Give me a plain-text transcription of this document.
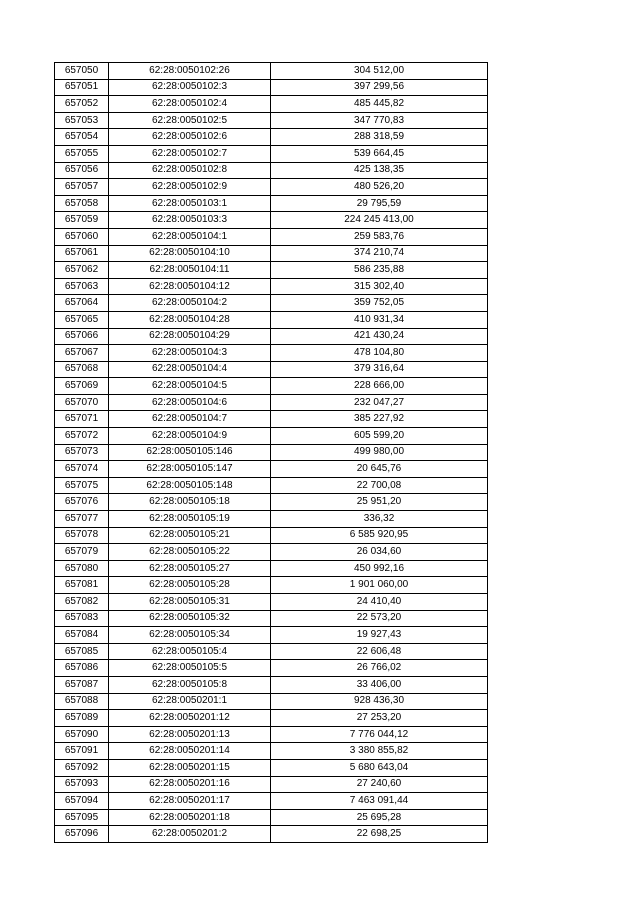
657050	62:28:0050102:26	304 512,00
657051	62:28:0050102:3	397 299,56
657052	62:28:0050102:4	485 445,82
657053	62:28:0050102:5	347 770,83
657054	62:28:0050102:6	288 318,59
657055	62:28:0050102:7	539 664,45
657056	62:28:0050102:8	425 138,35
657057	62:28:0050102:9	480 526,20
657058	62:28:0050103:1	29 795,59
657059	62:28:0050103:3	224 245 413,00
657060	62:28:0050104:1	259 583,76
657061	62:28:0050104:10	374 210,74
657062	62:28:0050104:11	586 235,88
657063	62:28:0050104:12	315 302,40
657064	62:28:0050104:2	359 752,05
657065	62:28:0050104:28	410 931,34
657066	62:28:0050104:29	421 430,24
657067	62:28:0050104:3	478 104,80
657068	62:28:0050104:4	379 316,64
657069	62:28:0050104:5	228 666,00
657070	62:28:0050104:6	232 047,27
657071	62:28:0050104:7	385 227,92
657072	62:28:0050104:9	605 599,20
657073	62:28:0050105:146	499 980,00
657074	62:28:0050105:147	20 645,76
657075	62:28:0050105:148	22 700,08
657076	62:28:0050105:18	25 951,20
657077	62:28:0050105:19	336,32
657078	62:28:0050105:21	6 585 920,95
657079	62:28:0050105:22	26 034,60
657080	62:28:0050105:27	450 992,16
657081	62:28:0050105:28	1 901 060,00
657082	62:28:0050105:31	24 410,40
657083	62:28:0050105:32	22 573,20
657084	62:28:0050105:34	19 927,43
657085	62:28:0050105:4	22 606,48
657086	62:28:0050105:5	26 766,02
657087	62:28:0050105:8	33 406,00
657088	62:28:0050201:1	928 436,30
657089	62:28:0050201:12	27 253,20
657090	62:28:0050201:13	7 776 044,12
657091	62:28:0050201:14	3 380 855,82
657092	62:28:0050201:15	5 680 643,04
657093	62:28:0050201:16	27 240,60
657094	62:28:0050201:17	7 463 091,44
657095	62:28:0050201:18	25 695,28
657096	62:28:0050201:2	22 698,25
